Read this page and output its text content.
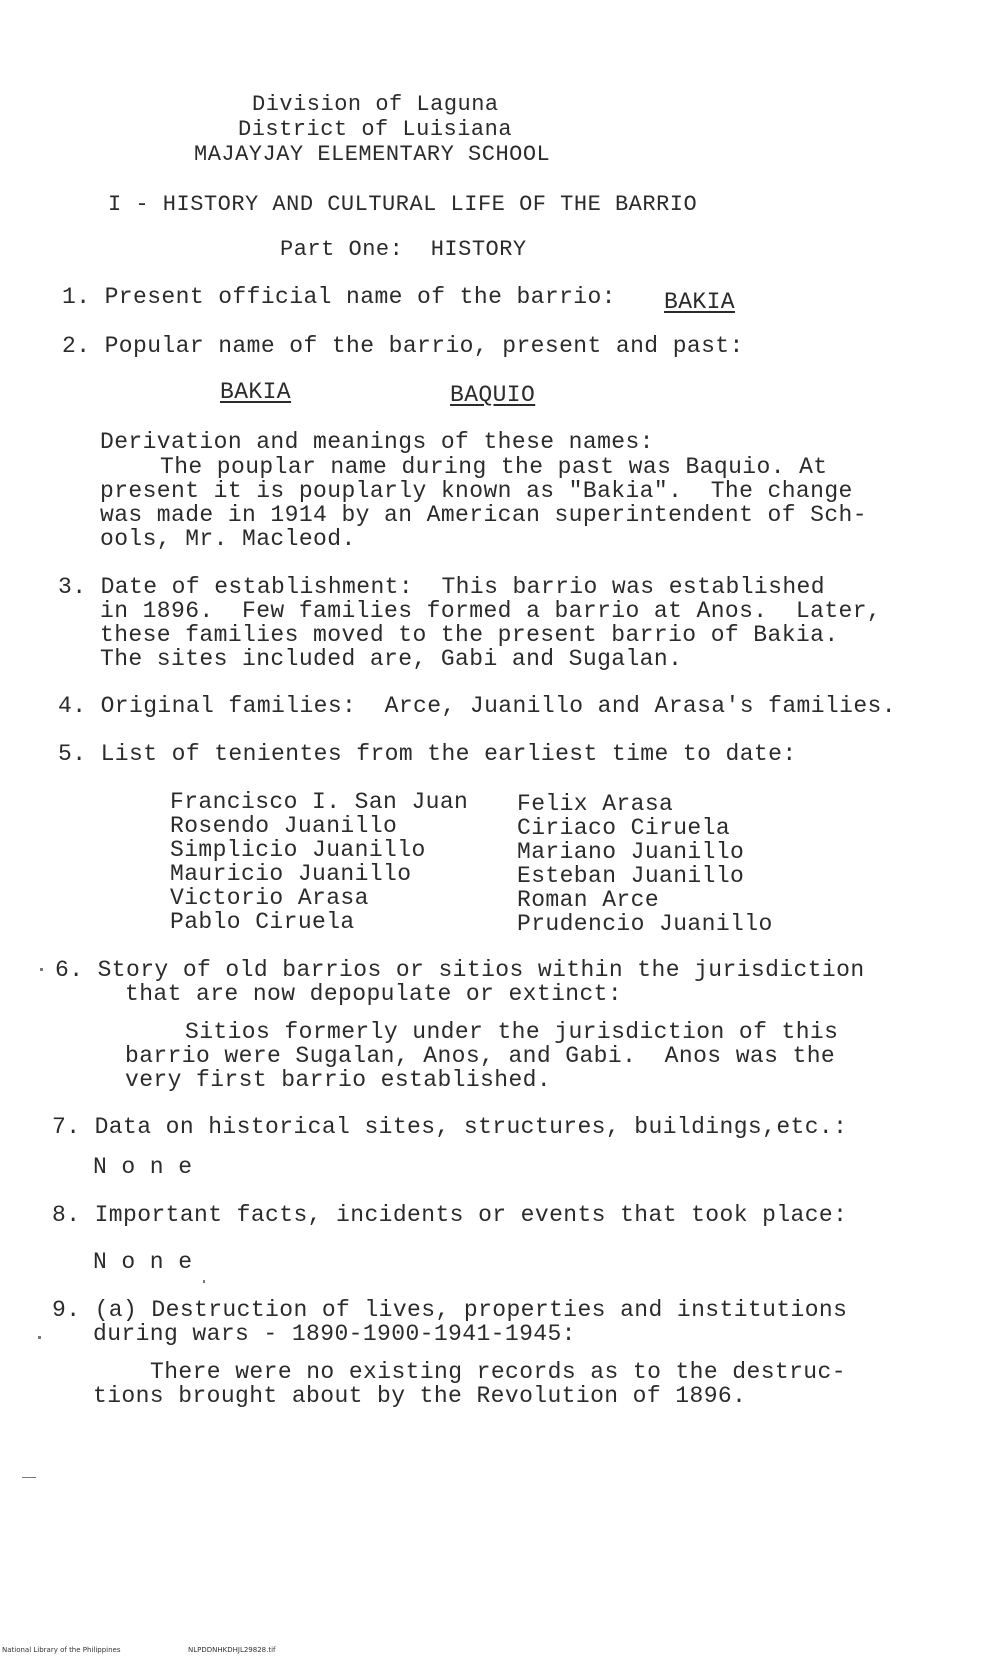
Division of Laguna
District of Luisiana
MAJAYJAY ELEMENTARY SCHOOL
I - HISTORY AND CULTURAL LIFE OF THE BARRIO
Part One:  HISTORY
1. Present official name of the barrio: BAKIA
2. Popular name of the barrio, present and past:
BAKIA	BAQUIO
Derivation and meanings of these names:
The pouplar name during the past was Baquio. At
present it is pouplarly known as "Bakia".  The change
was made in 1914 by an American superintendent of Sch-
ools, Mr. Macleod.
3. Date of establishment:  This barrio was established
in 1896.  Few families formed a barrio at Anos.  Later,
these families moved to the present barrio of Bakia.
The sites included are, Gabi and Sugalan.
4. Original families:  Arce, Juanillo and Arasa's families.
5. List of tenientes from the earliest time to date:
Francisco I. San Juan
Rosendo Juanillo
Simplicio Juanillo
Mauricio Juanillo
Victorio Arasa
Pablo Ciruela
Felix Arasa
Ciriaco Ciruela
Mariano Juanillo
Esteban Juanillo
Roman Arce
Prudencio Juanillo
6. Story of old barrios or sitios within the jurisdiction
that are now depopulate or extinct:
Sitios formerly under the jurisdiction of this
barrio were Sugalan, Anos, and Gabi.  Anos was the
very first barrio established.
7. Data on historical sites, structures, buildings,etc.:
N o n e
8. Important facts, incidents or events that took place:
N o n e
9. (a) Destruction of lives, properties and institutions
during wars - 1890-1900-1941-1945:
There were no existing records as to the destruc-
tions brought about by the Revolution of 1896.
National Library of the Philippines	NLPDDNHKDHJL29828.tif
